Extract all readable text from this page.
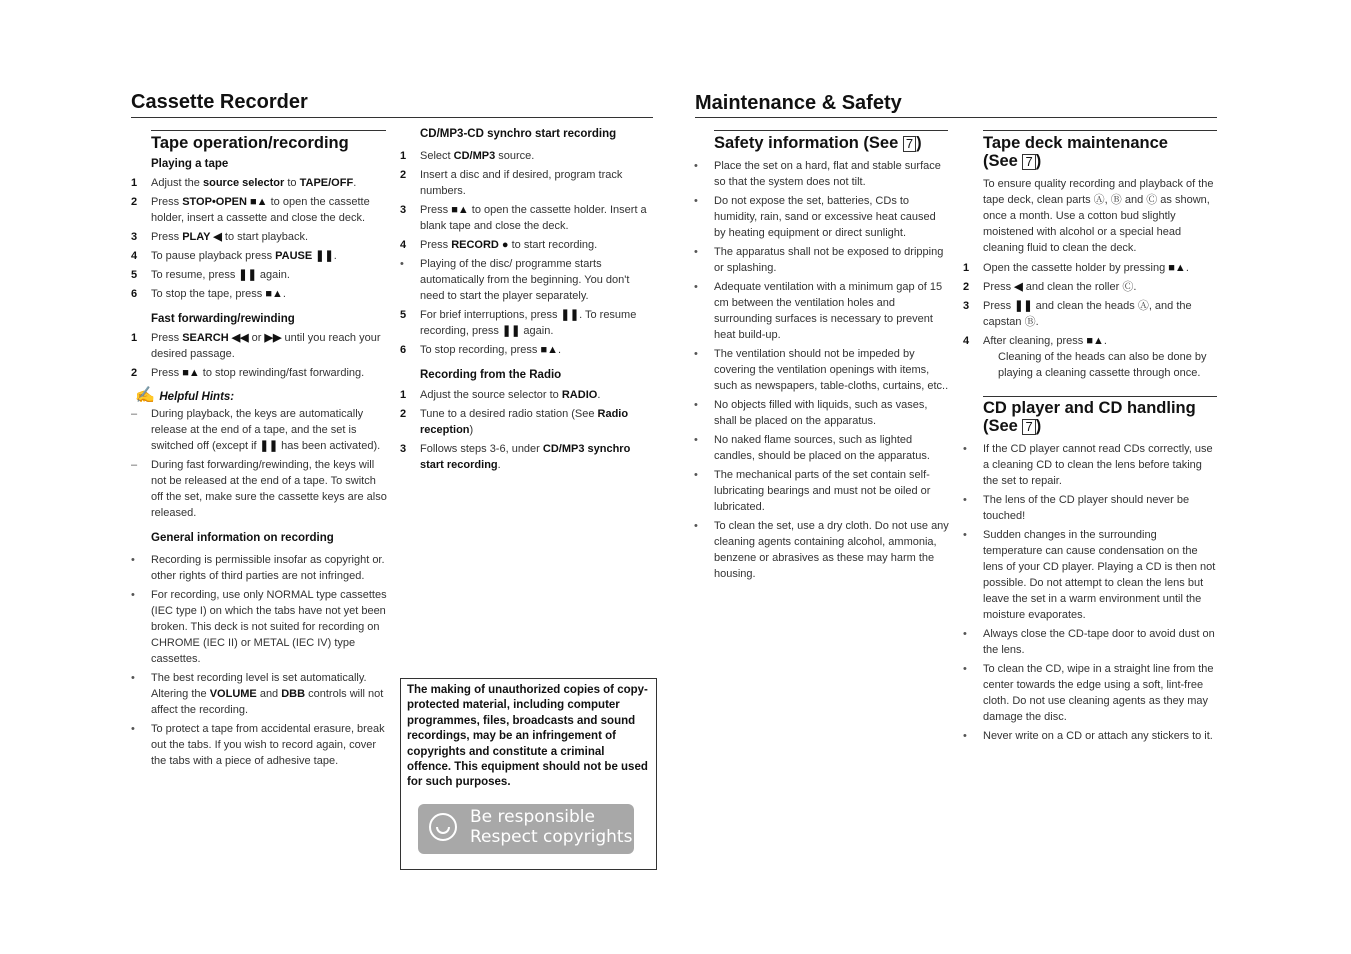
Cassette Recorder	Maintenance & Safety
Tape operation/recording
Playing a tape
1 Adjust the source selector to TAPE/OFF.
2 Press STOP•OPEN ■▲ to open the cassette holder, insert a cassette and close the deck.
3 Press PLAY ◀ to start playback.
4 To pause playback press PAUSE ❚❚.
5 To resume, press ❚❚ again.
6 To stop the tape, press ■▲.
Fast forwarding/rewinding
1 Press SEARCH ◀◀ or ▶▶ until you reach your desired passage.
2 Press ■▲ to stop rewinding/fast forwarding.
✍ Helpful Hints:
– During playback, the keys are automatically release at the end of a tape, and the set is switched off (except if ❚❚ has been activated).
– During fast forwarding/rewinding, the keys will not be released at the end of a tape. To switch off the set, make sure the cassette keys are also released.
General information on recording
• Recording is permissible insofar as copyright or. other rights of third parties are not infringed.
• For recording, use only NORMAL type cassettes (IEC type I) on which the tabs have not yet been broken. This deck is not suited for recording on CHROME (IEC II) or METAL (IEC IV) type cassettes.
• The best recording level is set automatically. Altering the VOLUME and DBB controls will not affect the recording.
• To protect a tape from accidental erasure, break out the tabs. If you wish to record again, cover the tabs with a piece of adhesive tape.
CD/MP3-CD synchro start recording
1 Select CD/MP3 source.
2 Insert a disc and if desired, program track numbers.
3 Press ■▲ to open the cassette holder. Insert a blank tape and close the deck.
4 Press RECORD ● to start recording.
• Playing of the disc/ programme starts automatically from the beginning. You don't need to start the player separately.
5 For brief interruptions, press ❚❚. To resume recording, press ❚❚ again.
6 To stop recording, press ■▲.
Recording from the Radio
1 Adjust the source selector to RADIO.
2 Tune to a desired radio station (See Radio reception)
3 Follows steps 3-6, under CD/MP3 synchro start recording.
The making of unauthorized copies of copy-protected material, including computer programmes, files, broadcasts and sound recordings, may be an infringement of copyrights and constitute a criminal offence. This equipment should not be used for such purposes.
Be responsible
Respect copyrights
Safety information (See 7 )
• Place the set on a hard, flat and stable surface so that the system does not tilt.
• Do not expose the set, batteries, CDs to humidity, rain, sand or excessive heat caused by heating equipment or direct sunlight.
• The apparatus shall not be exposed to dripping or splashing.
• Adequate ventilation with a minimum gap of 15 cm between the ventilation holes and surrounding surfaces is necessary to prevent heat build-up.
• The ventilation should not be impeded by covering the ventilation openings with items, such as newspapers, table-cloths, curtains, etc..
• No objects filled with liquids, such as vases, shall be placed on the apparatus.
• No naked flame sources, such as lighted candles, should be placed on the apparatus.
• The mechanical parts of the set contain self-lubricating bearings and must not be oiled or lubricated.
• To clean the set, use a dry cloth. Do not use any cleaning agents containing alcohol, ammonia, benzene or abrasives as these may harm the housing.
Tape deck maintenance
(See 7 )
To ensure quality recording and playback of the tape deck, clean parts Ⓐ, Ⓑ and Ⓒ as shown, once a month. Use a cotton bud slightly moistened with alcohol or a special head cleaning fluid to clean the deck.
1 Open the cassette holder by pressing ■▲.
2 Press ◀ and clean the roller Ⓒ.
3 Press ❚❚ and clean the heads Ⓐ, and the capstan Ⓑ.
4 After cleaning, press ■▲.
Cleaning of the heads can also be done by playing a cleaning cassette through once.
CD player and CD handling
(See 7 )
• If the CD player cannot read CDs correctly, use a cleaning CD to clean the lens before taking the set to repair.
• The lens of the CD player should never be touched!
• Sudden changes in the surrounding temperature can cause condensation on the lens of your CD player. Playing a CD is then not possible. Do not attempt to clean the lens but leave the set in a warm environment until the moisture evaporates.
• Always close the CD-tape door to avoid dust on the lens.
• To clean the CD, wipe in a straight line from the center towards the edge using a soft, lint-free cloth. Do not use cleaning agents as they may damage the disc.
• Never write on a CD or attach any stickers to it.
